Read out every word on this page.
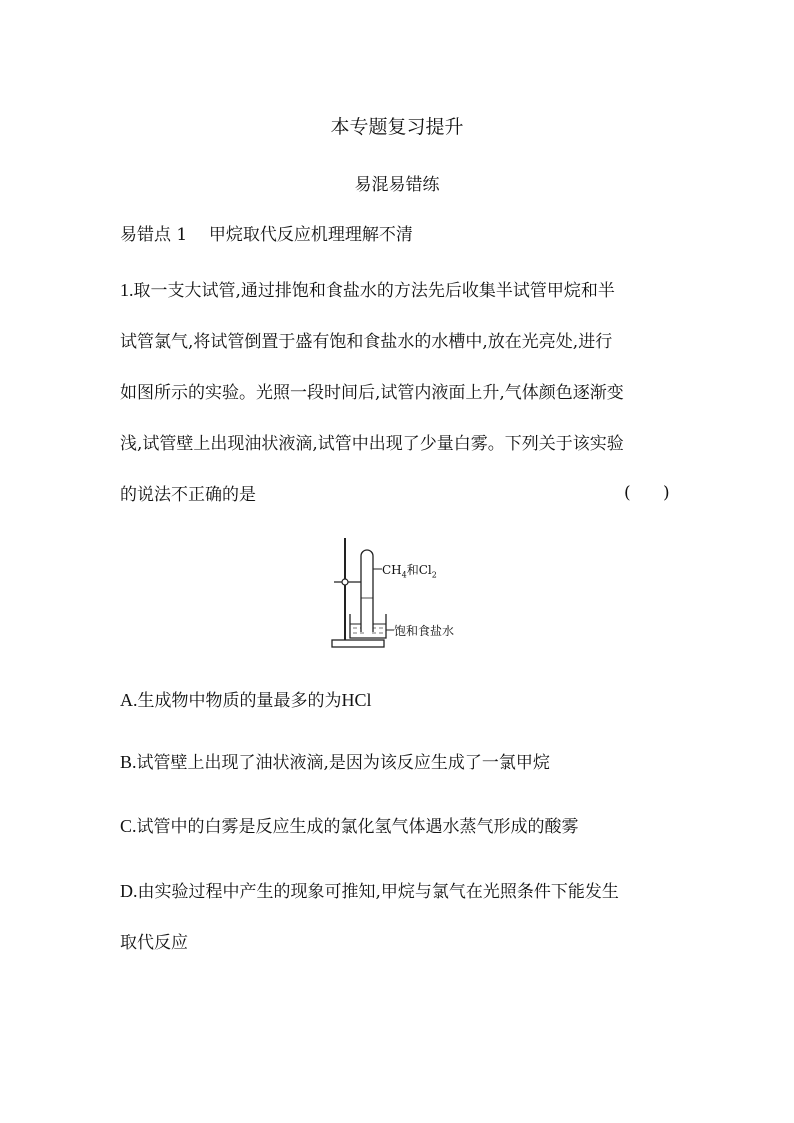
本专题复习提升
易混易错练
易错点 1    甲烷取代反应机理理解不清
1.取一支大试管,通过排饱和食盐水的方法先后收集半试管甲烷和半
试管氯气,将试管倒置于盛有饱和食盐水的水槽中,放在光亮处,进行
如图所示的实验。光照一段时间后,试管内液面上升,气体颜色逐渐变
浅,试管壁上出现油状液滴,试管中出现了少量白雾。下列关于该实验
的说法不正确的是	(      )
$CH_4$和$Cl_2$
饱和食盐水
A.生成物中物质的量最多的为HCl
B.试管壁上出现了油状液滴,是因为该反应生成了一氯甲烷
C.试管中的白雾是反应生成的氯化氢气体遇水蒸气形成的酸雾
D.由实验过程中产生的现象可推知,甲烷与氯气在光照条件下能发生
取代反应
